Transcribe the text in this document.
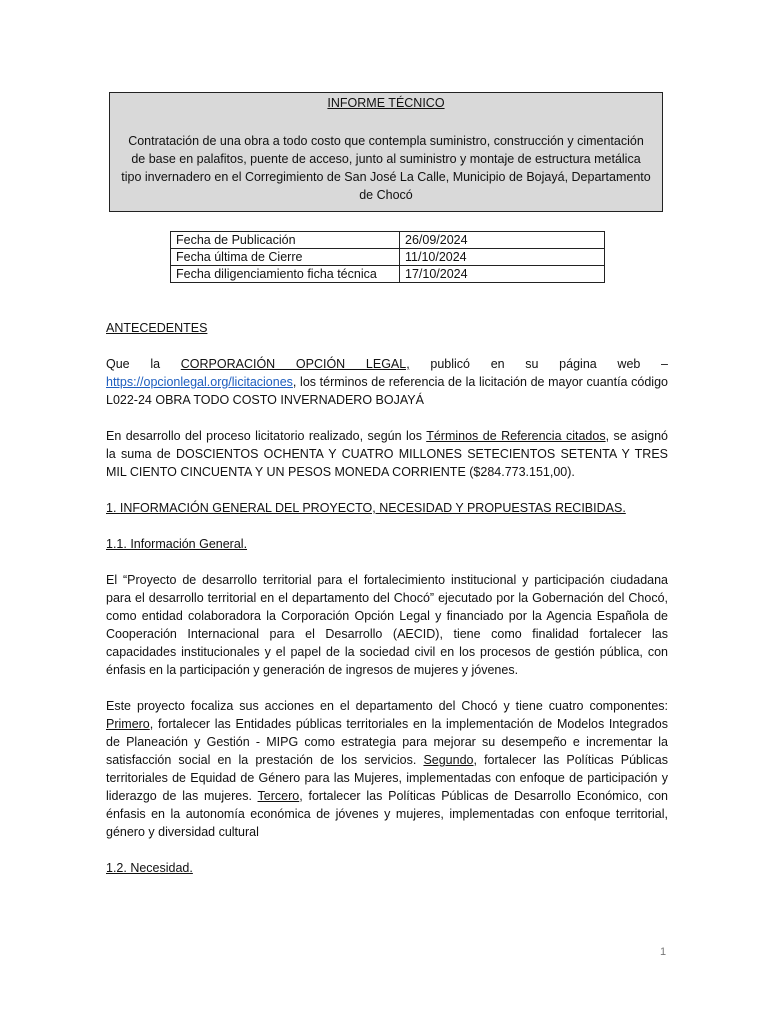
INFORME TÉCNICO
Contratación de una obra a todo costo que contempla suministro, construcción y cimentación de base en palafitos, puente de acceso, junto al suministro y montaje de estructura metálica tipo invernadero en el Corregimiento de San José La Calle, Municipio de Bojayá, Departamento de Chocó
Fecha de Publicación	26/09/2024
Fecha última de Cierre	11/10/2024
Fecha diligenciamiento ficha técnica	17/10/2024

ANTECEDENTES

Que la CORPORACIÓN OPCIÓN LEGAL, publicó en su página web – https://opcionlegal.org/licitaciones, los términos de referencia de la licitación de mayor cuantía código L022-24 OBRA TODO COSTO INVERNADERO BOJAYÁ

En desarrollo del proceso licitatorio realizado, según los Términos de Referencia citados, se asignó la suma de DOSCIENTOS OCHENTA Y CUATRO MILLONES SETECIENTOS SETENTA Y TRES MIL CIENTO CINCUENTA Y UN PESOS MONEDA CORRIENTE ($284.773.151,00).

1. INFORMACIÓN GENERAL DEL PROYECTO, NECESIDAD Y PROPUESTAS RECIBIDAS.

1.1. Información General.

El “Proyecto de desarrollo territorial para el fortalecimiento institucional y participación ciudadana para el desarrollo territorial en el departamento del Chocó” ejecutado por la Gobernación del Chocó, como entidad colaboradora la Corporación Opción Legal y financiado por la Agencia Española de Cooperación Internacional para el Desarrollo (AECID), tiene como finalidad fortalecer las capacidades institucionales y el papel de la sociedad civil en los procesos de gestión pública, con énfasis en la participación y generación de ingresos de mujeres y jóvenes.

Este proyecto focaliza sus acciones en el departamento del Chocó y tiene cuatro componentes: Primero, fortalecer las Entidades públicas territoriales en la implementación de Modelos Integrados de Planeación y Gestión - MIPG como estrategia para mejorar su desempeño e incrementar la satisfacción social en la prestación de los servicios. Segundo, fortalecer las Políticas Públicas territoriales de Equidad de Género para las Mujeres, implementadas con enfoque de participación y liderazgo de las mujeres. Tercero, fortalecer las Políticas Públicas de Desarrollo Económico, con énfasis en la autonomía económica de jóvenes y mujeres, implementadas con enfoque territorial, género y diversidad cultural

1.2. Necesidad.

1
